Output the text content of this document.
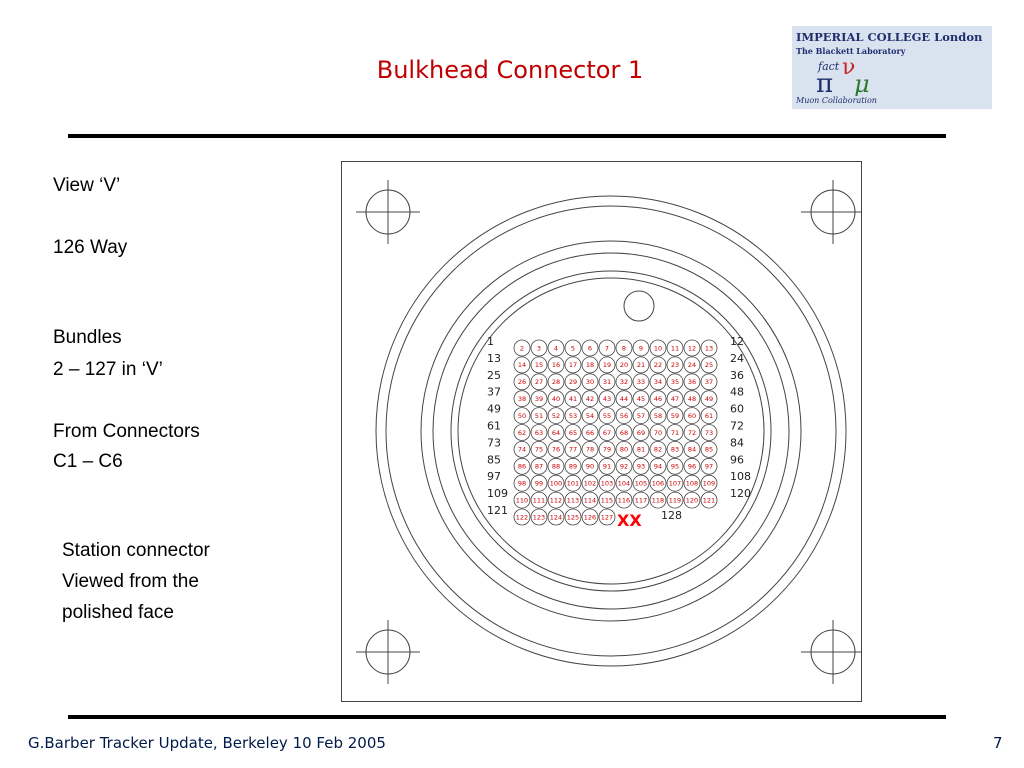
Bulkhead Connector 1
IMPERIAL COLLEGE London
The Blackett Laboratory
fact
π
ν
μ
Muon Collaboration
View ‘V’
126 Way
Bundles
2 – 127 in ‘V’
From Connectors
C1 – C6
Station connector
Viewed from the
polished face
1
13
25
37
49
61
73
85
97
109
121
12
24
36
48
60
72
84
96
108
120
2 3 4 5 6 7 8 9 10 11 12 13
14 15 16 17 18 19 20 21 22 23 24 25
26 27 28 29 30 31 32 33 34 35 36 37
38 39 40 41 42 43 44 45 46 47 48 49
50 51 52 53 54 55 56 57 58 59 60 61
62 63 64 65 66 67 68 69 70 71 72 73
74 75 76 77 78 79 80 81 82 83 84 85
86 87 88 89 90 91 92 93 94 95 96 97
98 99 100 101 102 103 104 105 106 107 108 109
110 111 112 113 114 115 116 117 118 119 120 121
122 123 124 125 126 127	128
XX
G.Barber Tracker Update, Berkeley 10 Feb 2005	7
